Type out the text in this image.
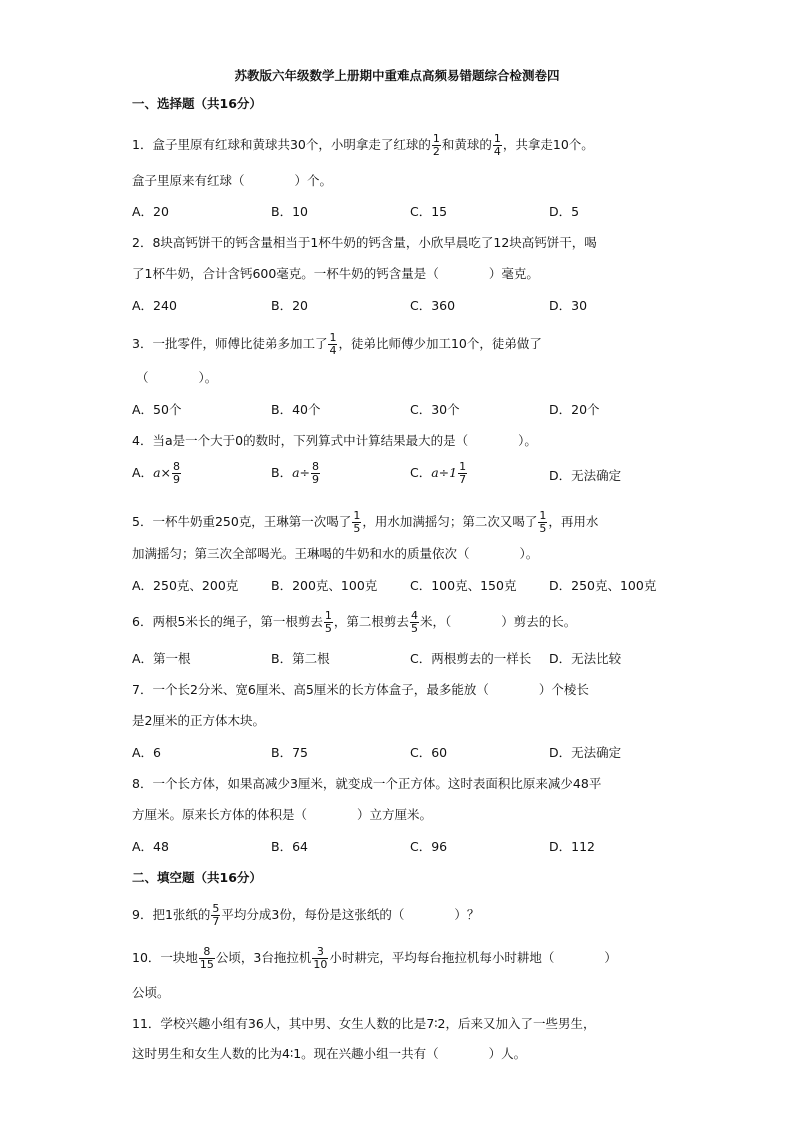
苏教版六年级数学上册期中重难点高频易错题综合检测卷四
一、选择题（共16分）
1．盒子里原有红球和黄球共30个，小明拿走了红球的 $\frac{1}{2}$ 和黄球的 $\frac{1}{4}$ ，共拿走10个。
盒子里原来有红球（　　　　）个。
A．20	B．10	C．15	D．5
2．8块高钙饼干的钙含量相当于1杯牛奶的钙含量，小欣早晨吃了12块高钙饼干，喝
了1杯牛奶，合计含钙600毫克。一杯牛奶的钙含量是（　　　　）毫克。
A．240	B．20	C．360	D．30
3．一批零件，师傅比徒弟多加工了 $\frac{1}{4}$ ，徒弟比师傅少加工10个，徒弟做了
（　　　　）。
A．50个	B．40个	C．30个	D．20个
4．当a是一个大于0的数时，下列算式中计算结果最大的是（　　　　）。
A．$a\times \frac{8}{9}$	B．$a\div \frac{8}{9}$	C．$a\div 1 \frac{1}{7}$	D．无法确定
5．一杯牛奶重250克，王琳第一次喝了 $\frac{1}{5}$ ，用水加满摇匀；第二次又喝了 $\frac{1}{5}$ ，再用水
加满摇匀；第三次全部喝光。王琳喝的牛奶和水的质量依次（　　　　）。
A．250克、200克	B．200克、100克	C．100克、150克	D．250克、100克
6．两根5米长的绳子，第一根剪去 $\frac{1}{5}$ ，第二根剪去 $\frac{4}{5}$ 米，（　　　　）剪去的长。
A．第一根	B．第二根	C．两根剪去的一样长 D．无法比较
7．一个长2分米、宽6厘米、高5厘米的长方体盒子，最多能放（　　　　）个棱长
是2厘米的正方体木块。
A．6	B．75	C．60	D．无法确定
8．一个长方体，如果高减少3厘米，就变成一个正方体。这时表面积比原来减少48平
方厘米。原来长方体的体积是（　　　　）立方厘米。
A．48	B．64	C．96	D．112
二、填空题（共16分）
9．把1张纸的 $\frac{5}{7}$ 平均分成3份，每份是这张纸的（　　　　）？
10．一块地 $\frac{8}{15}$ 公顷，3台拖拉机 $\frac{3}{10}$ 小时耕完，平均每台拖拉机每小时耕地（　　　　）
公顷。
11．学校兴趣小组有36人，其中男、女生人数的比是7∶2，后来又加入了一些男生，
这时男生和女生人数的比为4∶1。现在兴趣小组一共有（　　　　）人。
